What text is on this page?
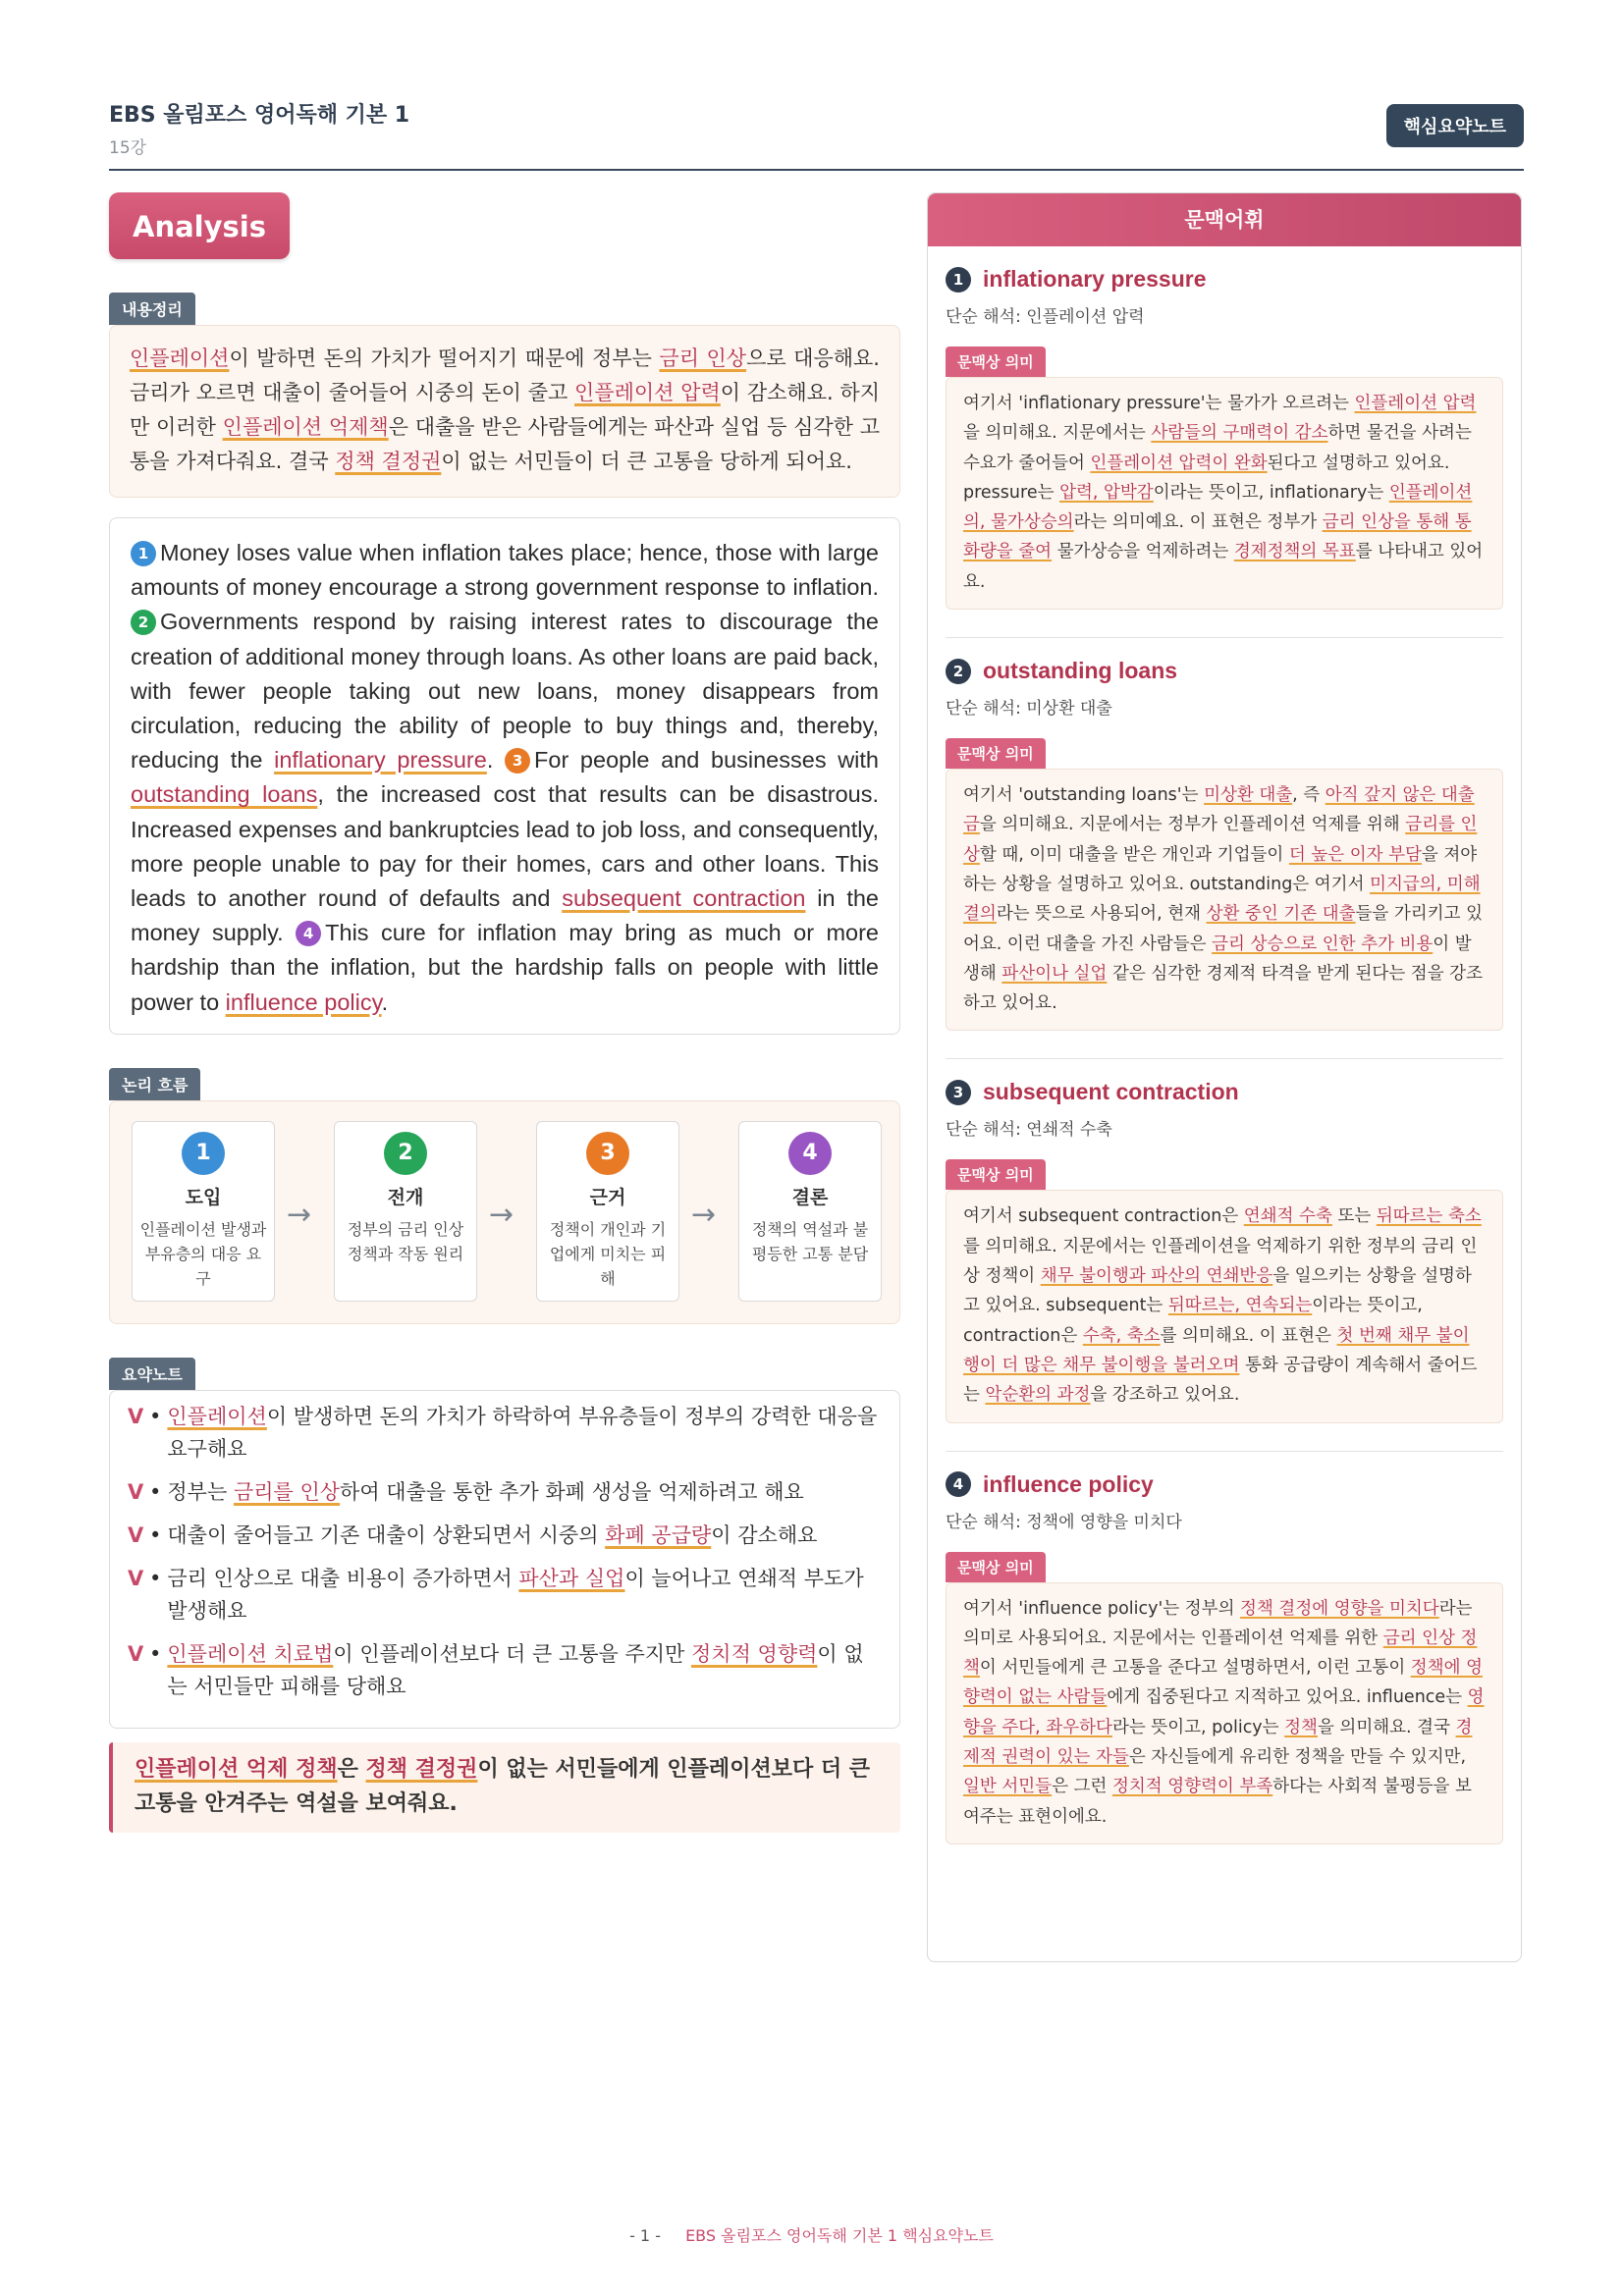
EBS 올림포스 영어독해 기본 1
15강
핵심요약노트
Analysis
내용정리
인플레이션이 발하면 돈의 가치가 떨어지기 때문에 정부는 금리 인상으로 대응해요. 금리가 오르면 대출이 줄어들어 시중의 돈이 줄고 인플레이션 압력이 감소해요. 하지만 이러한 인플레이션 억제책은 대출을 받은 사람들에게는 파산과 실업 등 심각한 고통을 가져다줘요. 결국 정책 결정권이 없는 서민들이 더 큰 고통을 당하게 되어요.
1 Money loses value when inflation takes place; hence, those with large amounts of money encourage a strong government response to inflation. 2 Governments respond by raising interest rates to discourage the creation of additional money through loans. As other loans are paid back, with fewer people taking out new loans, money disappears from circulation, reducing the ability of people to buy things and, thereby, reducing the inflationary pressure. 3 For people and businesses with outstanding loans, the increased cost that results can be disastrous. Increased expenses and bankruptcies lead to job loss, and consequently, more people unable to pay for their homes, cars and other loans. This leads to another round of defaults and subsequent contraction in the money supply. 4 This cure for inflation may bring as much or more hardship than the inflation, but the hardship falls on people with little power to influence policy.
논리 흐름
1
도입
인플레이션 발생과 부유층의 대응 요구
→
2
전개
정부의 금리 인상 정책과 작동 원리
→
3
근거
정책이 개인과 기업에게 미치는 피해
→
4
결론
정책의 역설과 불평등한 고통 분담
요약노트
V • 인플레이션이 발생하면 돈의 가치가 하락하여 부유층들이 정부의 강력한 대응을 요구해요
V • 정부는 금리를 인상하여 대출을 통한 추가 화폐 생성을 억제하려고 해요
V • 대출이 줄어들고 기존 대출이 상환되면서 시중의 화폐 공급량이 감소해요
V • 금리 인상으로 대출 비용이 증가하면서 파산과 실업이 늘어나고 연쇄적 부도가 발생해요
V • 인플레이션 치료법이 인플레이션보다 더 큰 고통을 주지만 정치적 영향력이 없는 서민들만 피해를 당해요
인플레이션 억제 정책은 정책 결정권이 없는 서민들에게 인플레이션보다 더 큰 고통을 안겨주는 역설을 보여줘요.
문맥어휘
1 inflationary pressure
단순 해석: 인플레이션 압력
문맥상 의미
여기서 'inflationary pressure'는 물가가 오르려는 인플레이션 압력을 의미해요. 지문에서는 사람들의 구매력이 감소하면 물건을 사려는 수요가 줄어들어 인플레이션 압력이 완화된다고 설명하고 있어요. pressure는 압력, 압박감이라는 뜻이고, inflationary는 인플레이션의, 물가상승의라는 의미예요. 이 표현은 정부가 금리 인상을 통해 통화량을 줄여 물가상승을 억제하려는 경제정책의 목표를 나타내고 있어요.
2 outstanding loans
단순 해석: 미상환 대출
문맥상 의미
여기서 'outstanding loans'는 미상환 대출, 즉 아직 갚지 않은 대출금을 의미해요. 지문에서는 정부가 인플레이션 억제를 위해 금리를 인상할 때, 이미 대출을 받은 개인과 기업들이 더 높은 이자 부담을 져야 하는 상황을 설명하고 있어요. outstanding은 여기서 미지급의, 미해결의라는 뜻으로 사용되어, 현재 상환 중인 기존 대출들을 가리키고 있어요. 이런 대출을 가진 사람들은 금리 상승으로 인한 추가 비용이 발생해 파산이나 실업 같은 심각한 경제적 타격을 받게 된다는 점을 강조하고 있어요.
3 subsequent contraction
단순 해석: 연쇄적 수축
문맥상 의미
여기서 subsequent contraction은 연쇄적 수축 또는 뒤따르는 축소를 의미해요. 지문에서는 인플레이션을 억제하기 위한 정부의 금리 인상 정책이 채무 불이행과 파산의 연쇄반응을 일으키는 상황을 설명하고 있어요. subsequent는 뒤따르는, 연속되는이라는 뜻이고, contraction은 수축, 축소를 의미해요. 이 표현은 첫 번째 채무 불이행이 더 많은 채무 불이행을 불러오며 통화 공급량이 계속해서 줄어드는 악순환의 과정을 강조하고 있어요.
4 influence policy
단순 해석: 정책에 영향을 미치다
문맥상 의미
여기서 'influence policy'는 정부의 정책 결정에 영향을 미치다라는 의미로 사용되어요. 지문에서는 인플레이션 억제를 위한 금리 인상 정책이 서민들에게 큰 고통을 준다고 설명하면서, 이런 고통이 정책에 영향력이 없는 사람들에게 집중된다고 지적하고 있어요. influence는 영향을 주다, 좌우하다라는 뜻이고, policy는 정책을 의미해요. 결국 경제적 권력이 있는 자들은 자신들에게 유리한 정책을 만들 수 있지만, 일반 서민들은 그런 정치적 영향력이 부족하다는 사회적 불평등을 보여주는 표현이에요.
- 1 - EBS 올림포스 영어독해 기본 1 핵심요약노트
